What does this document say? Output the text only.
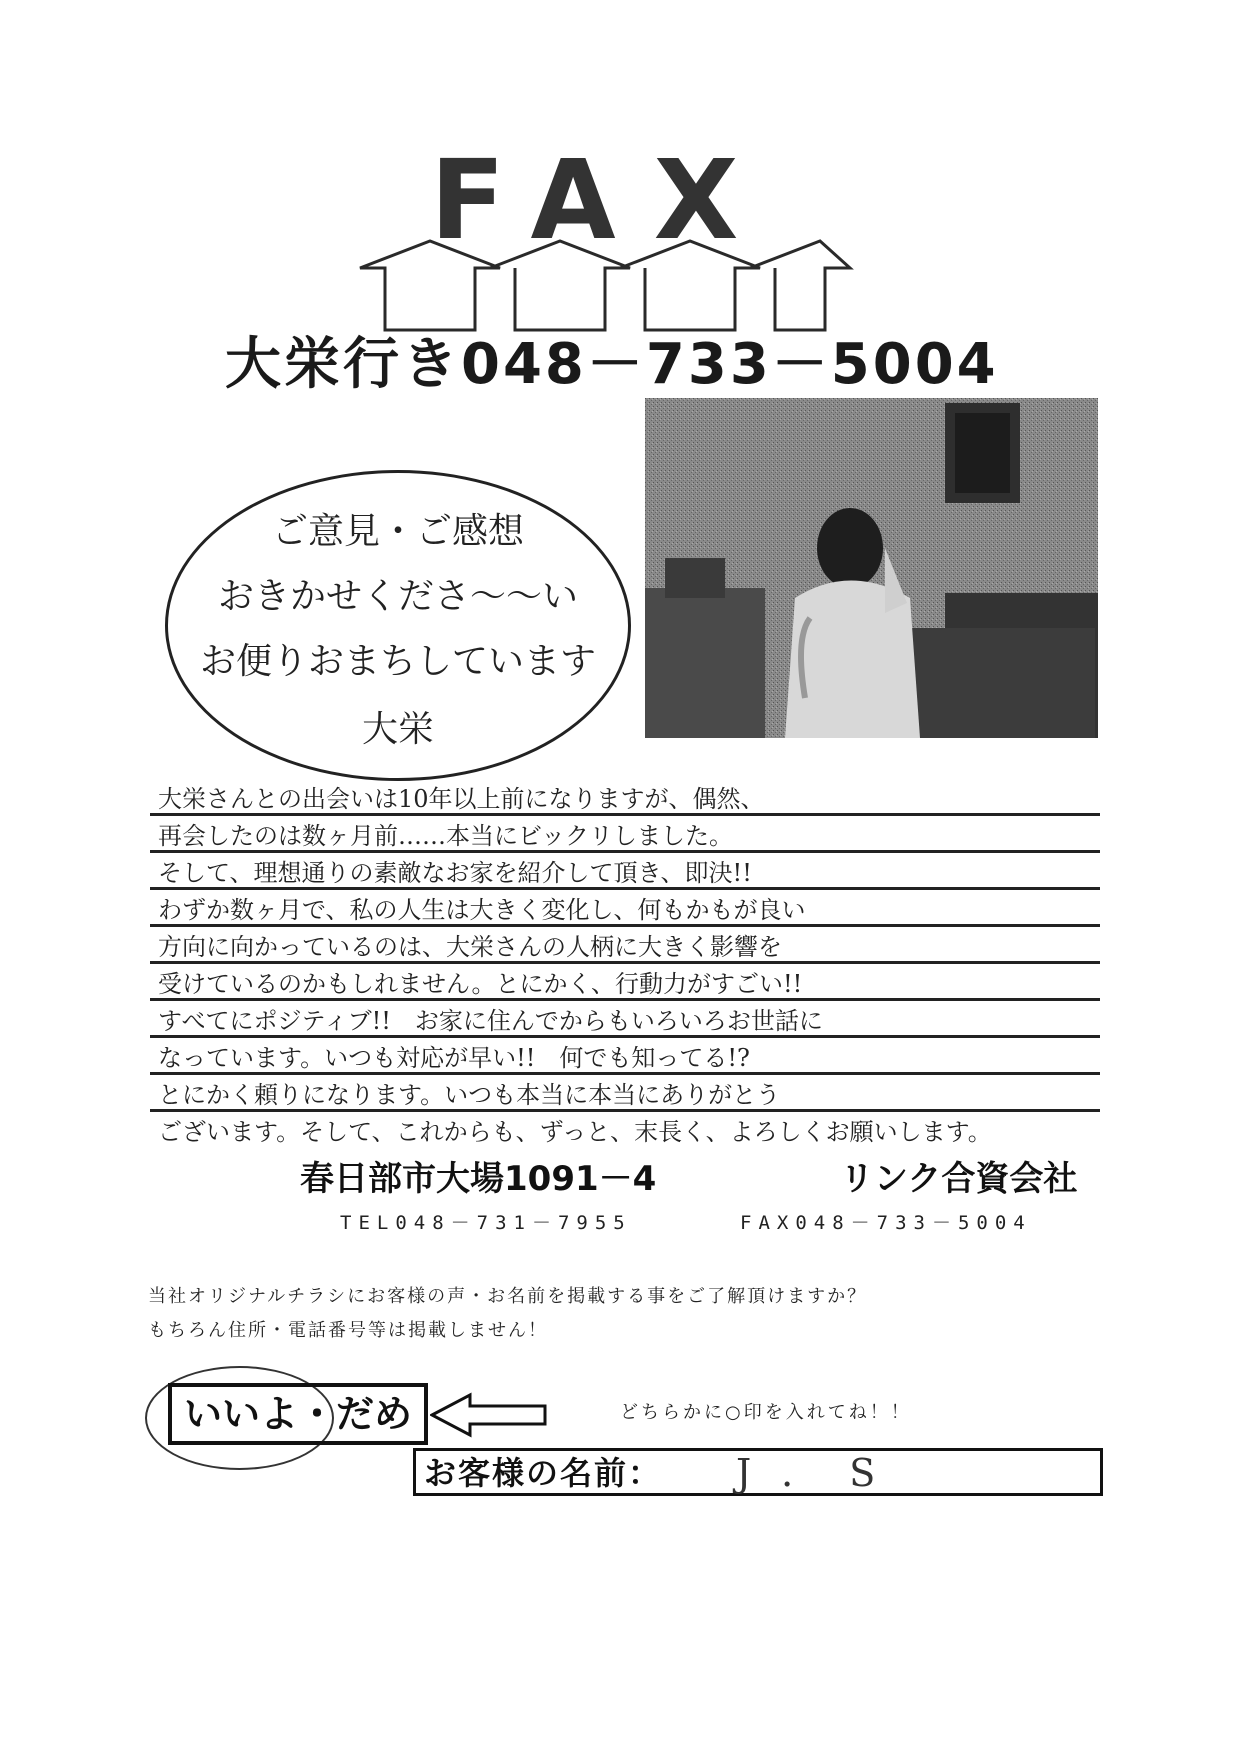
FAX
大栄行き048－733－5004
ご意見・ご感想
おきかせくださ〜〜い
お便りおまちしています
大栄
大栄さんとの出会いは10年以上前になりますが、偶然、
再会したのは数ヶ月前……本当にビックリしました。
そして、理想通りの素敵なお家を紹介して頂き、即決!!
わずか数ヶ月で、私の人生は大きく変化し、何もかもが良い
方向に向かっているのは、大栄さんの人柄に大きく影響を
受けているのかもしれません。とにかく、行動力がすごい!!
すべてにポジティブ!!　お家に住んでからもいろいろお世話に
なっています。いつも対応が早い!!　何でも知ってる!?
とにかく頼りになります。いつも本当に本当にありがとう
ございます。そして、これからも、ずっと、末長く、よろしくお願いします。
春日部市大場1091－4	リンク合資会社
TEL048－731－7955	FAX048－733－5004
当社オリジナルチラシにお客様の声・お名前を掲載する事をご了解頂けますか？
もちろん住所・電話番号等は掲載しません！
いいよ・だめ	どちらかに○印を入れてね！！
お客様の名前： J．S
